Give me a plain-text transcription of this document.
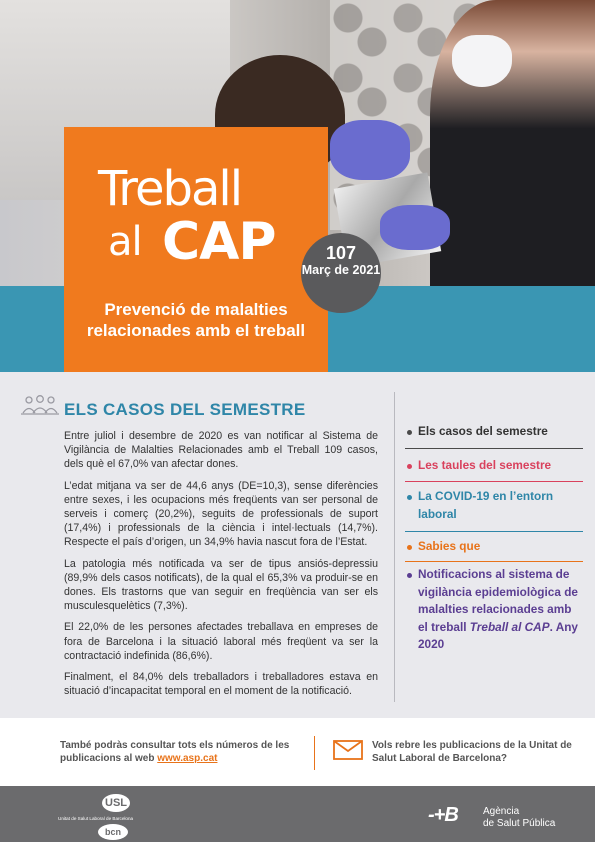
Treball
al CAP
Prevenció de malalties relacionades amb el treball
107
Març de 2021
ELS CASOS DEL SEMESTRE

Entre juliol i desembre de 2020 es van notificar al Sistema de Vigilància de Malalties Relacionades amb el Treball 109 casos, dels què el 67,0% van afectar dones.

L’edat mitjana va ser de 44,6 anys (DE=10,3), sense diferències entre sexes, i les ocupacions més freqüents van ser personal de serveis i comerç (20,2%), seguits de professionals de suport (17,4%) i professionals de la ciència i intel·lectuals (14,7%). Respecte el país d’origen, un 34,9% havia nascut fora de l’Estat.

La patologia més notificada va ser de tipus ansiós-depressiu (89,9% dels casos notificats), de la qual el 65,3% va produir-se en dones. Els trastorns que van seguir en freqüència van ser els musculesquelètics (7,3%).

El 22,0% de les persones afectades treballava en empreses de fora de Barcelona i la situació laboral més freqüent va ser la contractació indefinida (86,6%).

Finalment, el 84,0% dels treballadors i treballadores estava en situació d’incapacitat temporal en el moment de la notificació.

Els casos del semestre
Les taules del semestre
La COVID-19 en l’entorn laboral
Sabies que
Notificacions al sistema de vigilància epidemiològica de malalties relacionades amb el treball Treball al CAP. Any 2020
També podràs consultar tots els números de les publicacions al web www.asp.cat
Vols rebre les publicacions de la Unitat de Salut Laboral de Barcelona?
USL
Unitat de Salut Laboral de Barcelona
bcn
-+B	Agència
de Salut Pública
